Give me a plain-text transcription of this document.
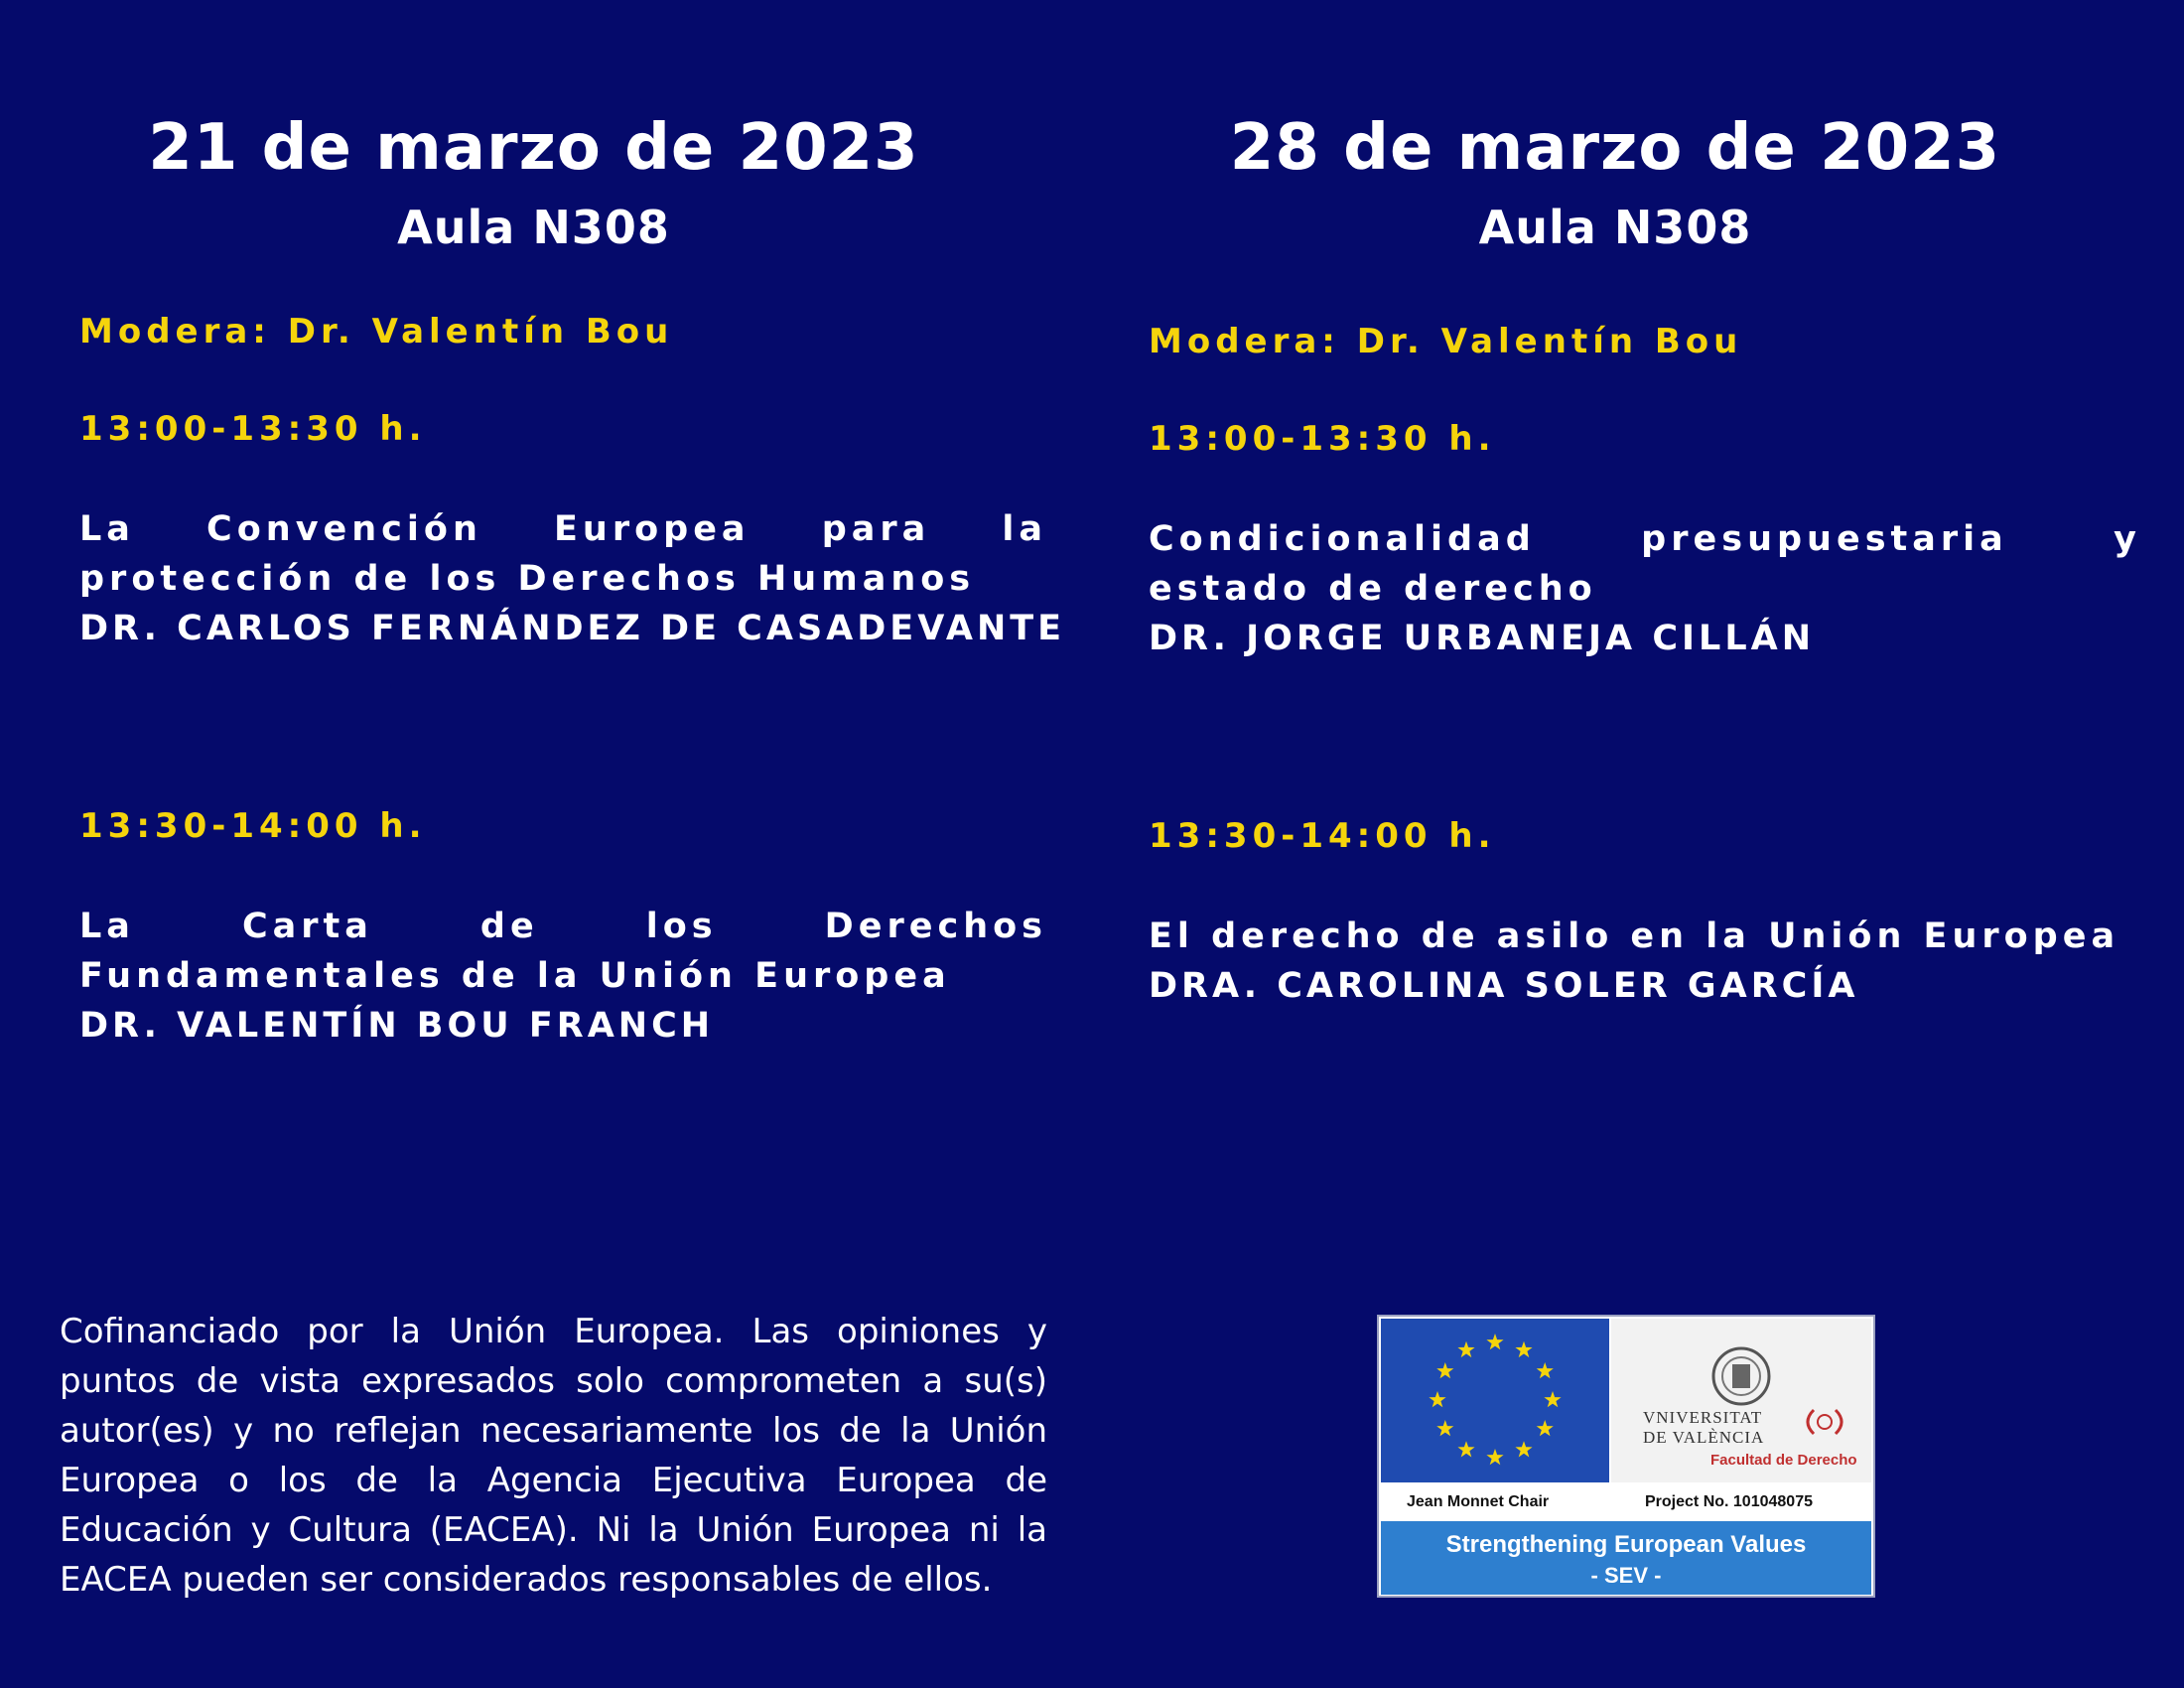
21 de marzo de 2023
Aula N308
Modera: Dr. Valentín Bou
13:00-13:30 h.
La Convención Europea para la protección de los Derechos Humanos
DR. CARLOS FERNÁNDEZ DE CASADEVANTE
13:30-14:00 h.
La Carta de los Derechos Fundamentales de la Unión Europea
DR. VALENTÍN BOU FRANCH
28 de marzo de 2023
Aula N308
Modera: Dr. Valentín Bou
13:00-13:30 h.
Condicionalidad presupuestaria y estado de derecho
DR. JORGE URBANEJA CILLÁN
13:30-14:00 h.
El derecho de asilo en la Unión Europea
DRA. CAROLINA SOLER GARCÍA
Cofinanciado por la Unión Europea. Las opiniones y puntos de vista expresados solo comprometen a su(s) autor(es) y no reflejan necesariamente los de la Unión Europea o los de la Agencia Ejecutiva Europea de Educación y Cultura (EACEA). Ni la Unión Europea ni la EACEA pueden ser considerados responsables de ellos.
VNIVERSITAT
DE VALÈNCIA
Facultad de Derecho
Jean Monnet Chair	Project No. 101048075
Strengthening European Values
- SEV -
